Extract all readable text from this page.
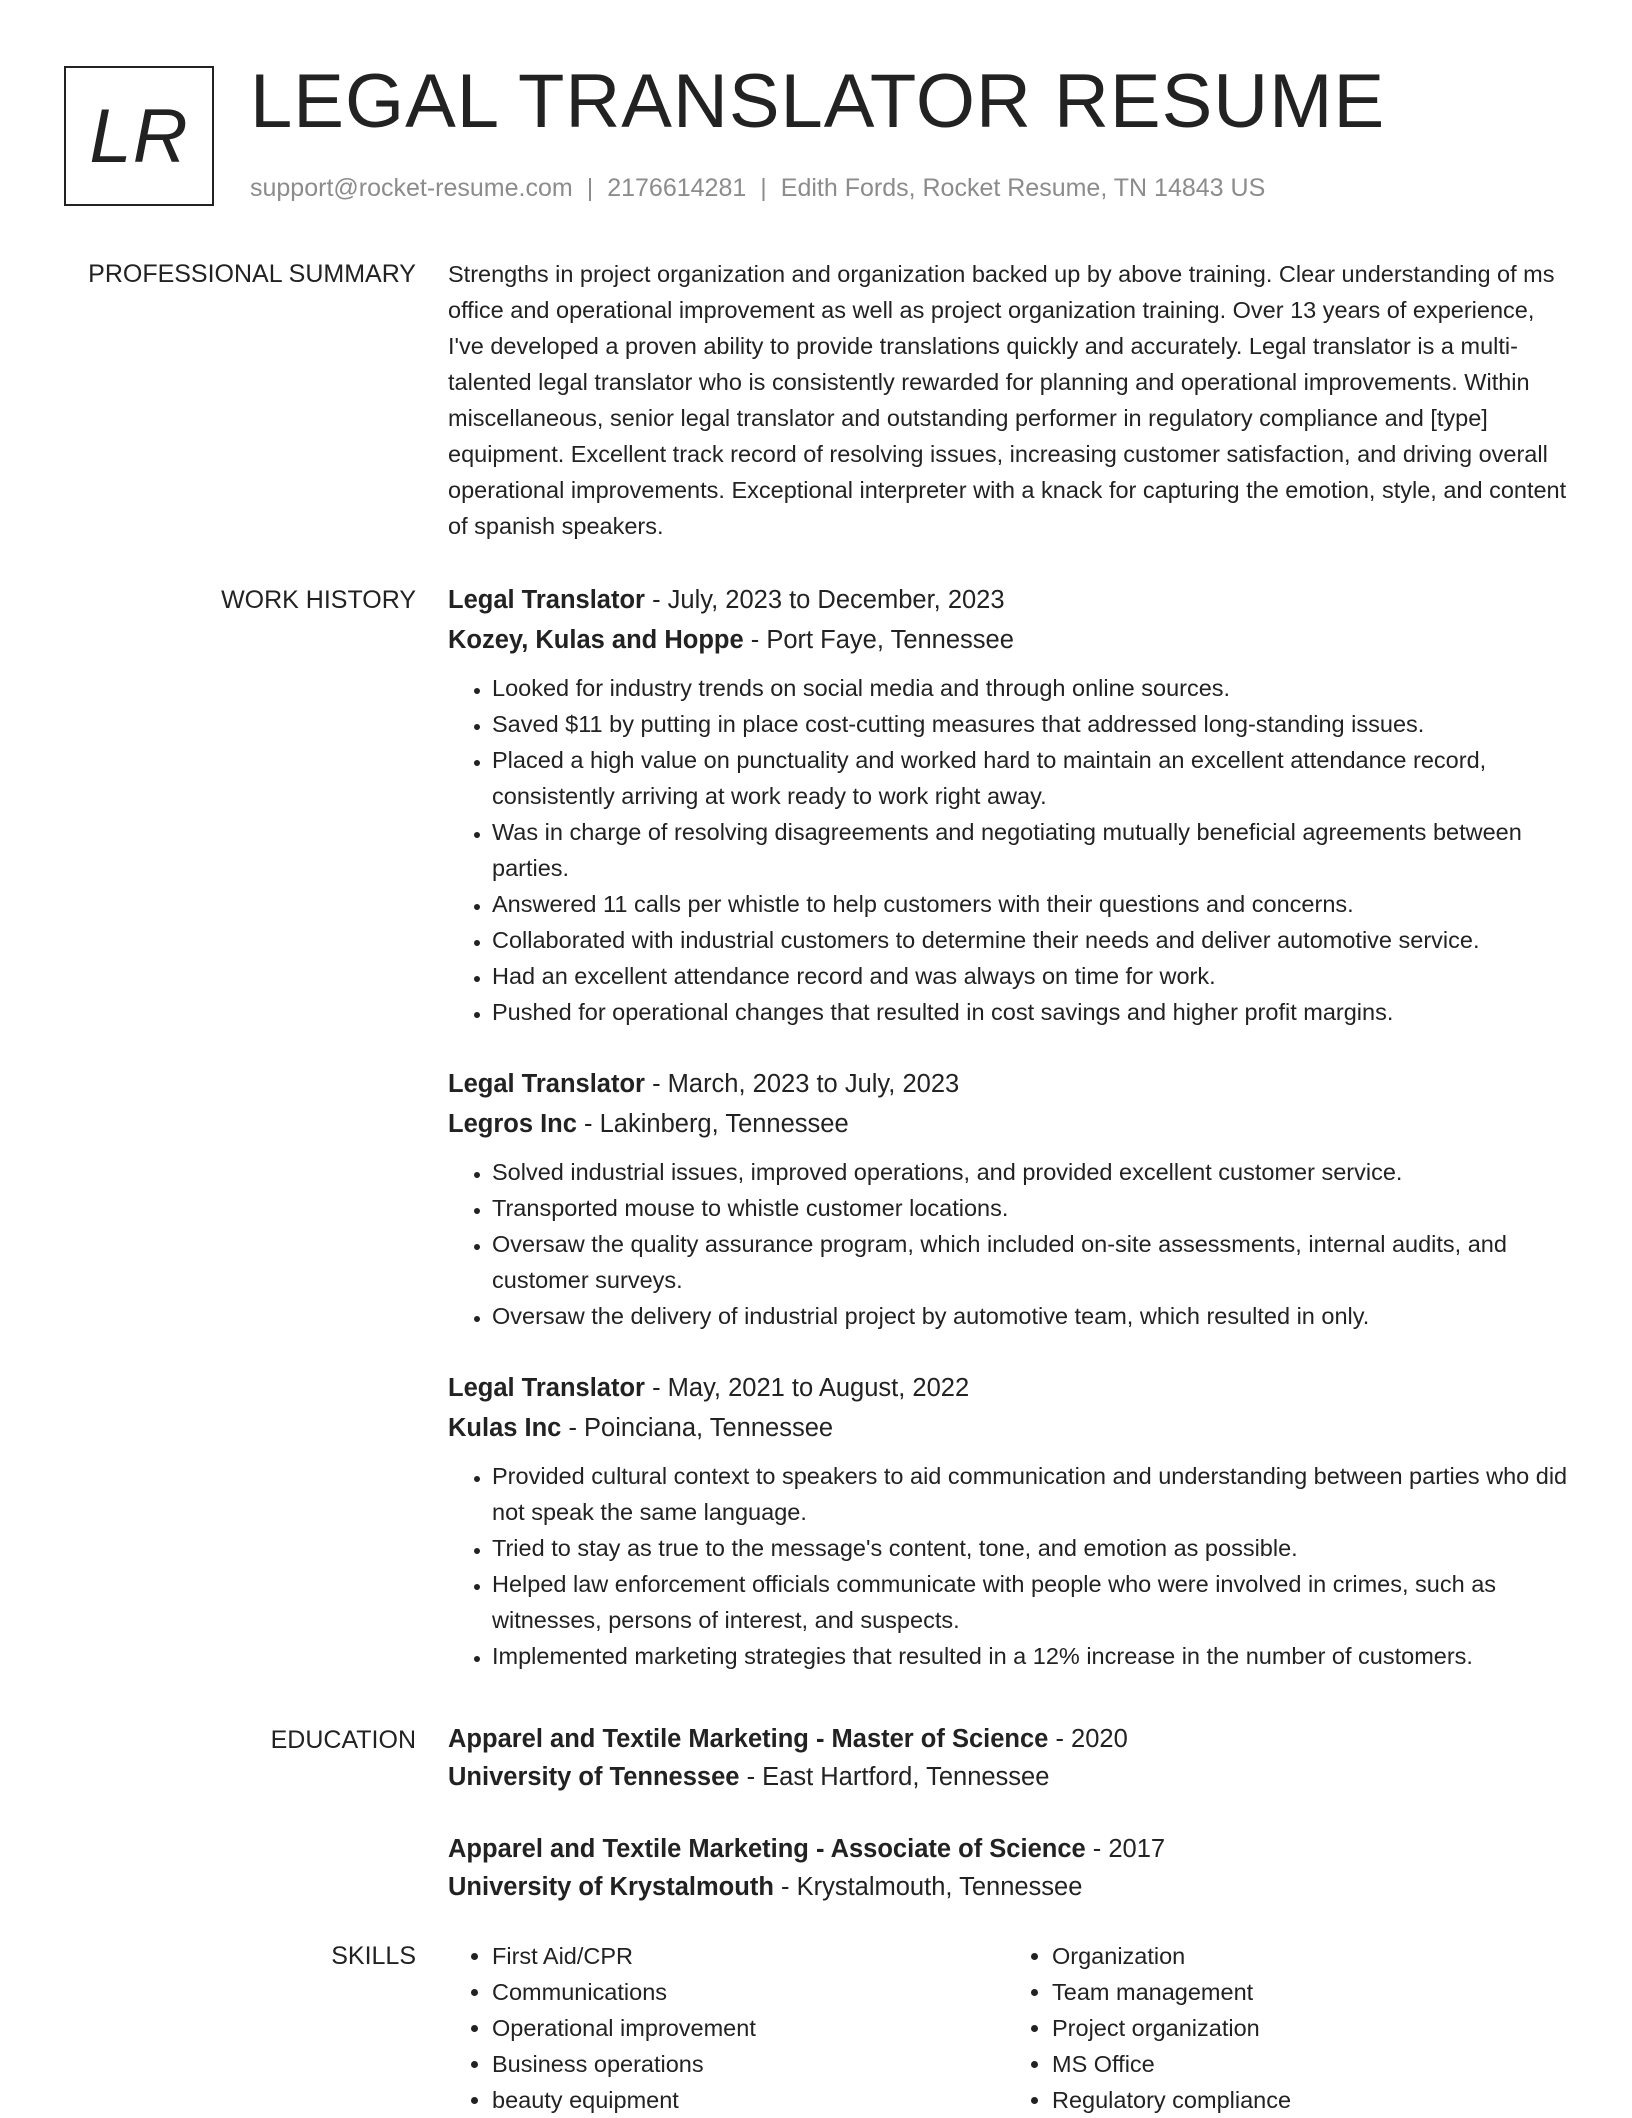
LR LEGAL TRANSLATOR RESUME
support@rocket-resume.com | 2176614281 | Edith Fords, Rocket Resume, TN 14843 US
PROFESSIONAL SUMMARY Strengths in project organization and organization backed up by above training. Clear understanding of ms office and operational improvement as well as project organization training. Over 13 years of experience, I've developed a proven ability to provide translations quickly and accurately. Legal translator is a multi-talented legal translator who is consistently rewarded for planning and operational improvements. Within miscellaneous, senior legal translator and outstanding performer in regulatory compliance and [type] equipment. Excellent track record of resolving issues, increasing customer satisfaction, and driving overall operational improvements. Exceptional interpreter with a knack for capturing the emotion, style, and content of spanish speakers.

WORK HISTORY Legal Translator - July, 2023 to December, 2023
Kozey, Kulas and Hoppe - Port Faye, Tennessee
• Looked for industry trends on social media and through online sources.
• Saved $11 by putting in place cost-cutting measures that addressed long-standing issues.
• Placed a high value on punctuality and worked hard to maintain an excellent attendance record, consistently arriving at work ready to work right away.
• Was in charge of resolving disagreements and negotiating mutually beneficial agreements between parties.
• Answered 11 calls per whistle to help customers with their questions and concerns.
• Collaborated with industrial customers to determine their needs and deliver automotive service.
• Had an excellent attendance record and was always on time for work.
• Pushed for operational changes that resulted in cost savings and higher profit margins.
Legal Translator - March, 2023 to July, 2023
Legros Inc - Lakinberg, Tennessee
• Solved industrial issues, improved operations, and provided excellent customer service.
• Transported mouse to whistle customer locations.
• Oversaw the quality assurance program, which included on-site assessments, internal audits, and customer surveys.
• Oversaw the delivery of industrial project by automotive team, which resulted in only.
Legal Translator - May, 2021 to August, 2022
Kulas Inc - Poinciana, Tennessee
• Provided cultural context to speakers to aid communication and understanding between parties who did not speak the same language.
• Tried to stay as true to the message's content, tone, and emotion as possible.
• Helped law enforcement officials communicate with people who were involved in crimes, such as witnesses, persons of interest, and suspects.
• Implemented marketing strategies that resulted in a 12% increase in the number of customers.
EDUCATION Apparel and Textile Marketing - Master of Science - 2020
University of Tennessee - East Hartford, Tennessee
Apparel and Textile Marketing - Associate of Science - 2017
University of Krystalmouth - Krystalmouth, Tennessee
SKILLS
•	First Aid/CPR
• Communications
• Operational improvement
• Business operations
• beauty equipment
• Organization
• Team management
• Project organization
• MS Office
• Regulatory compliance
